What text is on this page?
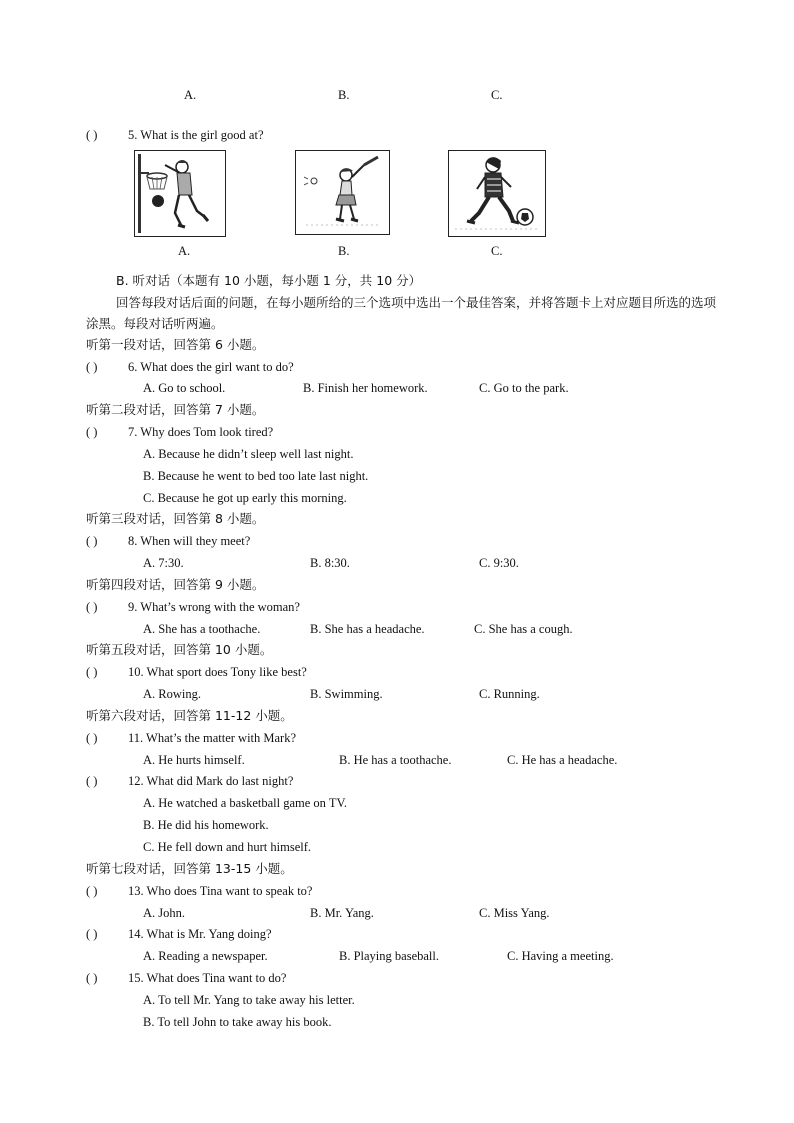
A.	B.	C.
( ) 5. What is the girl good at?
A.	B.	C.
B. 听对话（本题有 10 小题，每小题 1 分，共 10 分）
回答每段对话后面的问题，在每小题所给的三个选项中选出一个最佳答案，并将答题卡上对应题目所选的选项涂黑。每段对话听两遍。
听第一段对话，回答第 6 小题。
( ) 6. What does the girl want to do?
A. Go to school.	B. Finish her homework.	C. Go to the park.
听第二段对话，回答第 7 小题。
( ) 7. Why does Tom look tired?
A. Because he didn’t sleep well last night.
B. Because he went to bed too late last night.
C. Because he got up early this morning.
听第三段对话，回答第 8 小题。
( ) 8. When will they meet?
A. 7:30.	B. 8:30.	C. 9:30.
听第四段对话，回答第 9 小题。
( ) 9. What’s wrong with the woman?
A. She has a toothache.	B. She has a headache.	C. She has a cough.
听第五段对话，回答第 10 小题。
( ) 10. What sport does Tony like best?
A. Rowing.	B. Swimming.	C. Running.
听第六段对话，回答第 11-12 小题。
( ) 11. What’s the matter with Mark?
A. He hurts himself.	B. He has a toothache.	C. He has a headache.
( ) 12. What did Mark do last night?
A. He watched a basketball game on TV.
B. He did his homework.
C. He fell down and hurt himself.
听第七段对话，回答第 13-15 小题。
( ) 13. Who does Tina want to speak to?
A. John.	B. Mr. Yang.	C. Miss Yang.
( ) 14. What is Mr. Yang doing?
A. Reading a newspaper.	B. Playing baseball.	C. Having a meeting.
( ) 15. What does Tina want to do?
A. To tell Mr. Yang to take away his letter.
B. To tell John to take away his book.
